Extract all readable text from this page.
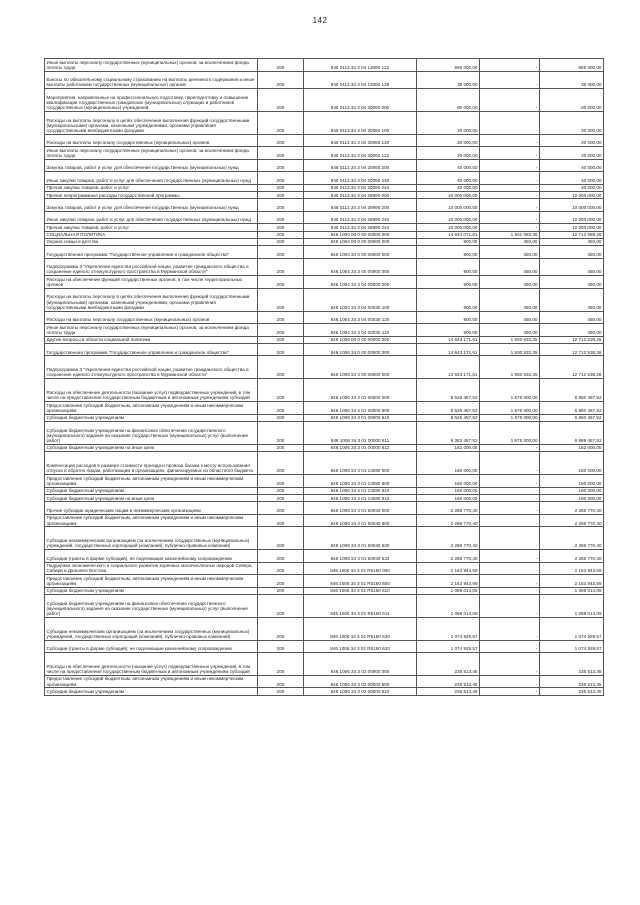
142
Иные выплаты персоналу государственных (муниципальных) органов, за исключением фонда оплаты труда	200	846 0113 34 3 04 13080 122	665 000,00	-	665 000,00
Взносы по обязательному социальному страхованию на выплаты денежного содержания и иные выплаты работникам государственных (муниципальных) органов	200	846 0113 34 3 04 13080 129	35 000,00	-	35 000,00
Мероприятия, направленные на профессиональную подготовку, переподготовку и повышение квалификации государственных гражданских (муниципальных) служащих и работников государственных (муниципальных) учреждений	200	846 0113 34 3 04 20060 000	60 000,00	-	60 000,00
Расходы на выплаты персоналу в целях обеспечения выполнения функций государственными (муниципальными) органами, казенными учреждениями, органами управления государственными внебюджетными фондами	200	846 0113 34 3 04 20060 100	20 000,00	-	20 000,00
Расходы на выплаты персоналу государственных (муниципальных) органов	200	846 0113 34 3 04 20060 120	20 000,00	-	20 000,00
Иные выплаты персоналу государственных (муниципальных) органов, за исключением фонда оплаты труда	200	846 0113 34 3 04 20060 122	20 000,00	-	20 000,00
Закупка товаров, работ и услуг для обеспечения государственных (муниципальных) нужд	200	846 0113 34 3 04 20060 200	40 000,00	-	40 000,00
Иные закупки товаров, работ и услуг для обеспечения государственных (муниципальных) нужд	200	846 0113 34 3 04 20060 240	40 000,00	-	40 000,00
Прочая закупка товаров, работ и услуг	200	846 0113 34 3 04 20060 244	40 000,00	-	40 000,00
Прочие непрограммные расходы государственной программы	200	846 0113 34 3 04 29990 000	10 000 000,00	-	10 000 000,00
Закупка товаров, работ и услуг для обеспечения государственных (муниципальных) нужд	200	846 0113 34 3 04 29990 200	10 000 000,00	-	10 000 000,00
Иные закупки товаров, работ и услуг для обеспечения государственных (муниципальных) нужд	200	846 0113 34 3 04 29990 240	10 000 000,00	-	10 000 000,00
Прочая закупка товаров, работ и услуг	200	846 0113 34 3 04 29990 244	10 000 000,00	-	10 000 000,00
СОЦИАЛЬНАЯ ПОЛИТИКА	200	846 1000 00 0 00 00000 000	14 644 071,61	1 931 083,35	12 712 988,26
Охрана семьи и детства	200	846 1004 00 0 00 00000 000	900,00	450,00	450,00
Государственная программа "Государственное управление и гражданское общество"	200	846 1004 34 0 00 00000 000	900,00	450,00	450,00
Подпрограмма 3 "Укрепление единства российской нации, развитие гражданского общества и сохранение единого этнокультурного пространства в Мурманской области"	200	846 1004 34 3 00 00000 000	900,00	450,00	450,00
Расходы на обеспечение функций государственных органов, в том числе территориальных органов	200	846 1004 34 3 04 00000 000	900,00	450,00	450,00
Расходы на выплаты персоналу в целях обеспечения выполнения функций государственными (муниципальными) органами, казенными учреждениями, органами управления государственными внебюджетными фондами	200	846 1004 34 3 04 00030 100	900,00	450,00	450,00
Расходы на выплаты персоналу государственных (муниципальных) органов	200	846 1004 34 3 04 00030 120	900,00	450,00	450,00
Иные выплаты персоналу государственных (муниципальных) органов, за исключением фонда оплаты труда	200	846 1004 34 3 04 00030 122	900,00	450,00	450,00
Другие вопросы в области социальной политики	200	846 1006 00 0 00 00000 000	14 643 171,61	1 930 633,35	12 712 538,26
Государственная программа "Государственное управление и гражданское общество"	200	846 1006 34 0 00 00000 000	14 643 171,61	1 930 633,35	12 712 538,26
Подпрограмма 3 "Укрепление единства российской нации, развитие гражданского общества и сохранение единого этнокультурного пространства в Мурманской области"	200	846 1006 34 3 00 00000 000	14 643 171,61	1 930 633,35	12 712 538,26
Расходы на обеспечение деятельности (оказание услуг) подведомственных учреждений, в том числе на предоставление государственным бюджетным и автономным учреждениям субсидий	200	846 1006 34 3 01 00000 000	8 525 457,52	1 675 000,00	6 850 457,52
Предоставление субсидий бюджетным, автономным учреждениям и иным некоммерческим организациям	200	846 1006 34 3 01 00000 600	8 525 457,52	1 675 000,00	6 850 457,52
Субсидии бюджетным учреждениям	200	846 1006 34 3 01 00000 610	8 525 457,52	1 675 000,00	6 850 457,52
Субсидии бюджетным учреждениям на финансовое обеспечение государственного (муниципального) задания на оказание государственных (муниципальных) услуг (выполнение работ)	200	846 1006 34 3 01 00000 611	8 363 457,52	1 675 000,00	6 688 457,52
Субсидии бюджетным учреждениям на иные цели	200	846 1006 34 3 01 00000 612	162 000,00	-	162 000,00
Компенсация расходов в размере стоимости проезда и провоза багажа к месту использования отпуска и обратно лицам, работающим в организациях, финансируемых из областного бюджета	200	846 1006 34 3 01 13080 000	160 000,00	-	160 000,00
Предоставление субсидий бюджетным, автономным учреждениям и иным некоммерческим организациям	200	846 1006 34 3 01 13080 600	160 000,00	-	160 000,00
Субсидии бюджетным учреждениям	200	846 1006 34 3 01 13080 610	160 000,00	-	160 000,00
Субсидии бюджетным учреждениям на иные цели	200	846 1006 34 3 01 13080 612	160 000,00	-	160 000,00
Прочие субсидии юридическим лицам и некоммерческим организациям	200	846 1006 34 3 01 60040 000	2 286 770,40	-	2 286 770,40
Предоставление субсидий бюджетным, автономным учреждениям и иным некоммерческим организациям	200	846 1006 34 3 01 60040 600	2 286 770,40	-	2 286 770,40
Субсидии некоммерческим организациям (за исключением государственных (муниципальных) учреждений, государственных корпораций (компаний), публично-правовых компаний)	200	846 1006 34 3 01 60040 630	2 286 770,40	-	2 286 770,40
Субсидии (гранты в форме субсидий), не подлежащие казначейскому сопровождению	200	846 1006 34 3 01 60040 633	2 286 770,40	-	2 286 770,40
Поддержка экономического и социального развития коренных малочисленных народов Севера, Сибири и Дальнего Востока	200	846 1006 34 3 01 R5150 000	2 163 943,69	-	2 163 943,69
Предоставление субсидий бюджетным, автономным учреждениям и иным некоммерческим организациям	200	846 1006 34 3 01 R5150 600	2 163 943,69	-	2 163 943,69
Субсидии бюджетным учреждениям	200	846 1006 34 3 01 R5150 610	1 089 014,09	-	1 089 014,09
Субсидии бюджетным учреждениям на финансовое обеспечение государственного (муниципального) задания на оказание государственных (муниципальных) услуг (выполнение работ)	200	846 1006 34 3 01 R5150 611	1 089 014,09	-	1 089 014,09
Субсидии некоммерческим организациям (за исключением государственных (муниципальных) учреждений, государственных корпораций (компаний), публично-правовых компаний)	200	846 1006 34 3 01 R5150 630	1 074 929,57	-	1 074 929,57
Субсидии (гранты в форме субсидий), не подлежащие казначейскому сопровождению	200	846 1006 34 3 01 R5150 633	1 074 929,57	-	1 074 929,57
Расходы на обеспечение деятельности (оказание услуг) подведомственных учреждений, в том числе на предоставление государственным бюджетным и автономным учреждениям субсидий	200	846 1006 34 3 02 00000 000	235 513,45	-	235 513,45
Предоставление субсидий бюджетным, автономным учреждениям и иным некоммерческим организациям	200	846 1006 34 3 02 00000 600	235 513,45	-	235 513,45
Субсидии бюджетным учреждениям	200	846 1006 34 3 02 00000 610	235 513,45	-	235 513,45
